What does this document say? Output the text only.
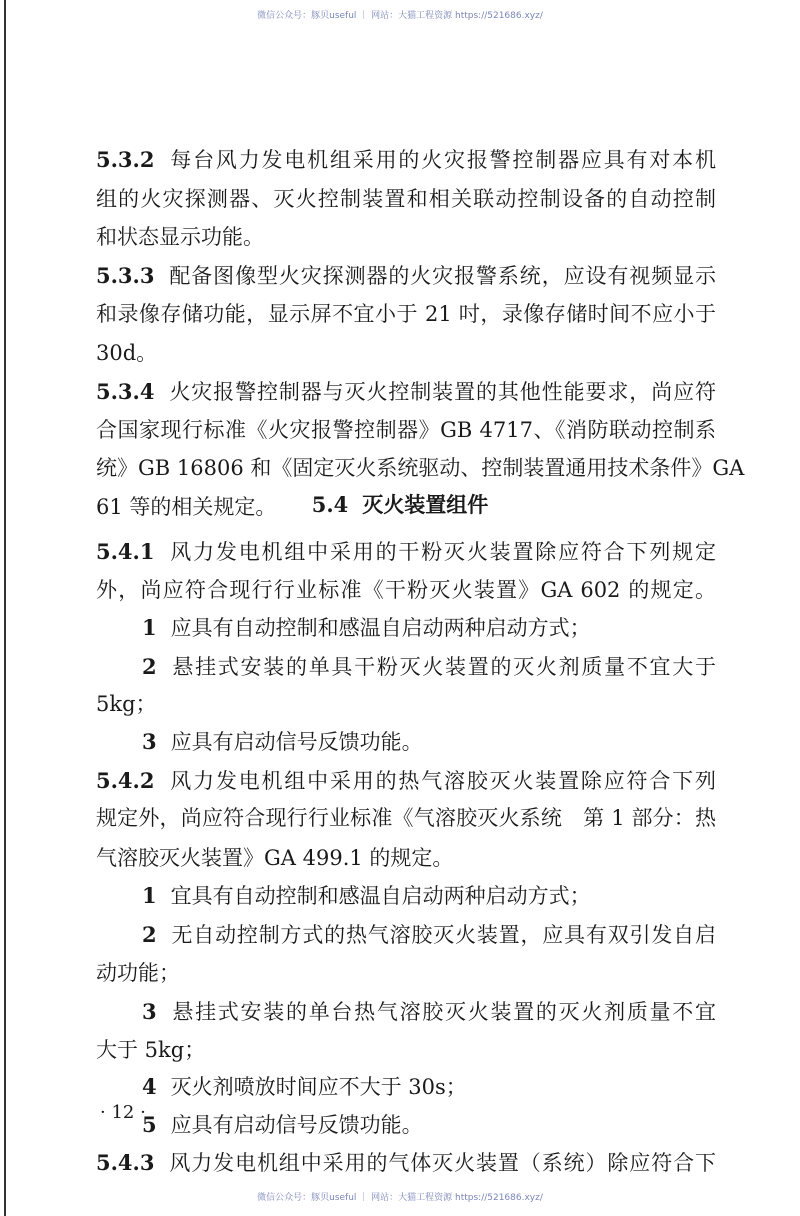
微信公众号：豚贝useful ｜ 网站：大猫工程资源 https://521686.xyz/
5.3.2 每台风力发电机组采用的火灾报警控制器应具有对本机
组的火灾探测器、灭火控制装置和相关联动控制设备的自动控制
和状态显示功能。
5.3.3 配备图像型火灾探测器的火灾报警系统，应设有视频显示
和录像存储功能，显示屏不宜小于 21 吋，录像存储时间不应小于
30d。
5.3.4 火灾报警控制器与灭火控制装置的其他性能要求，尚应符
合国家现行标准《火灾报警控制器》GB 4717、《消防联动控制系
统》GB 16806 和《固定灭火系统驱动、控制装置通用技术条件》GA
61 等的相关规定。	5.4 灭火装置组件
5.4.1 风力发电机组中采用的干粉灭火装置除应符合下列规定
外，尚应符合现行行业标准《干粉灭火装置》GA 602 的规定。
1 应具有自动控制和感温自启动两种启动方式；
2 悬挂式安装的单具干粉灭火装置的灭火剂质量不宜大于
5kg；
3 应具有启动信号反馈功能。
5.4.2 风力发电机组中采用的热气溶胶灭火装置除应符合下列
规定外，尚应符合现行行业标准《气溶胶灭火系统　第 1 部分：热
气溶胶灭火装置》GA 499.1 的规定。
1 宜具有自动控制和感温自启动两种启动方式；
2 无自动控制方式的热气溶胶灭火装置，应具有双引发自启
动功能；
3 悬挂式安装的单台热气溶胶灭火装置的灭火剂质量不宜
大于 5kg；
4 灭火剂喷放时间应不大于 30s；
5 应具有启动信号反馈功能。
5.4.3 风力发电机组中采用的气体灭火装置（系统）除应符合下
· 12 ·
微信公众号：豚贝useful ｜ 网站：大猫工程资源 https://521686.xyz/
